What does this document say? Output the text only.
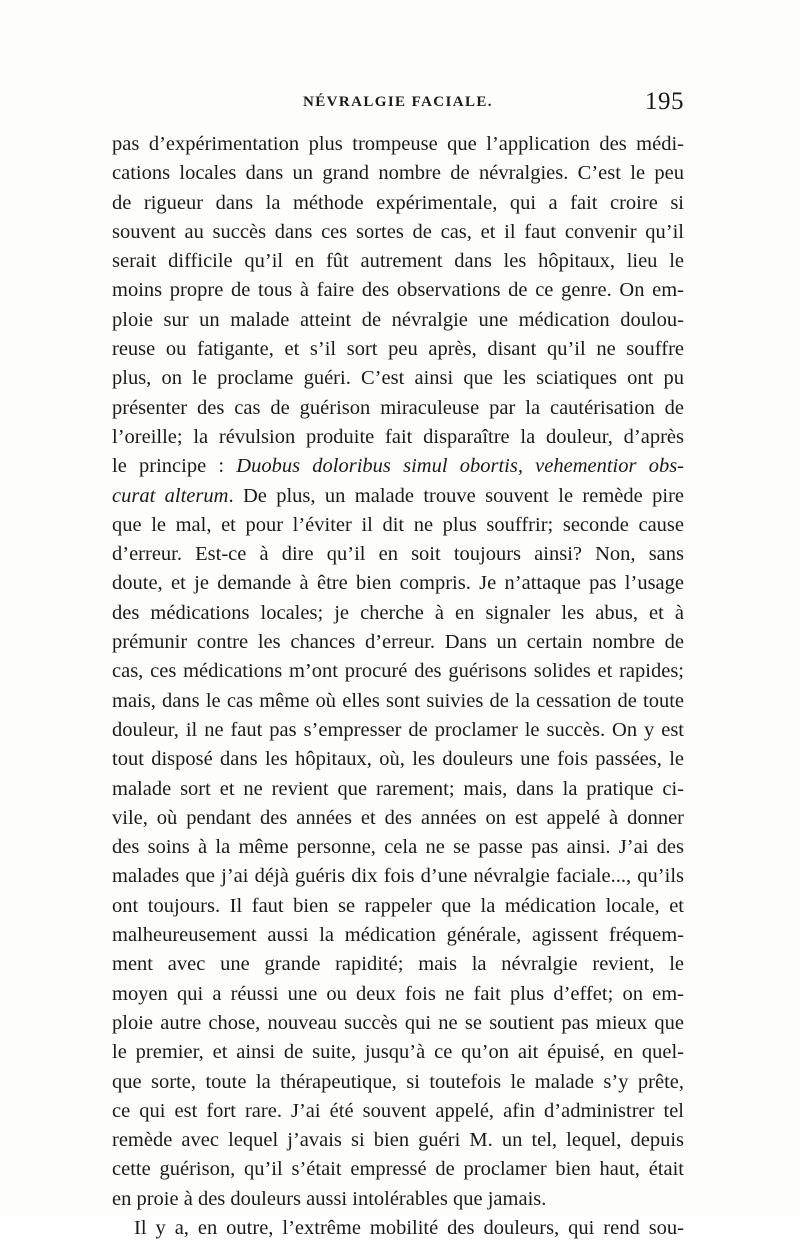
NÉVRALGIE FACIALE.	195
pas d’expérimentation plus trompeuse que l’application des médi-
cations locales dans un grand nombre de névralgies. C’est le peu
de rigueur dans la méthode expérimentale, qui a fait croire si
souvent au succès dans ces sortes de cas, et il faut convenir qu’il
serait difficile qu’il en fût autrement dans les hôpitaux, lieu le
moins propre de tous à faire des observations de ce genre. On em-
ploie sur un malade atteint de névralgie une médication doulou-
reuse ou fatigante, et s’il sort peu après, disant qu’il ne souffre
plus, on le proclame guéri. C’est ainsi que les sciatiques ont pu
présenter des cas de guérison miraculeuse par la cautérisation de
l’oreille; la révulsion produite fait disparaître la douleur, d’après
le principe : Duobus doloribus simul obortis, vehementior obs-
curat alterum. De plus, un malade trouve souvent le remède pire
que le mal, et pour l’éviter il dit ne plus souffrir; seconde cause
d’erreur. Est-ce à dire qu’il en soit toujours ainsi? Non, sans
doute, et je demande à être bien compris. Je n’attaque pas l’usage
des médications locales; je cherche à en signaler les abus, et à
prémunir contre les chances d’erreur. Dans un certain nombre de
cas, ces médications m’ont procuré des guérisons solides et rapides;
mais, dans le cas même où elles sont suivies de la cessation de toute
douleur, il ne faut pas s’empresser de proclamer le succès. On y est
tout disposé dans les hôpitaux, où, les douleurs une fois passées, le
malade sort et ne revient que rarement; mais, dans la pratique ci-
vile, où pendant des années et des années on est appelé à donner
des soins à la même personne, cela ne se passe pas ainsi. J’ai des
malades que j’ai déjà guéris dix fois d’une névralgie faciale..., qu’ils
ont toujours. Il faut bien se rappeler que la médication locale, et
malheureusement aussi la médication générale, agissent fréquem-
ment avec une grande rapidité; mais la névralgie revient, le
moyen qui a réussi une ou deux fois ne fait plus d’effet; on em-
ploie autre chose, nouveau succès qui ne se soutient pas mieux que
le premier, et ainsi de suite, jusqu’à ce qu’on ait épuisé, en quel-
que sorte, toute la thérapeutique, si toutefois le malade s’y prête,
ce qui est fort rare. J’ai été souvent appelé, afin d’administrer tel
remède avec lequel j’avais si bien guéri M. un tel, lequel, depuis
cette guérison, qu’il s’était empressé de proclamer bien haut, était
en proie à des douleurs aussi intolérables que jamais.
Il y a, en outre, l’extrême mobilité des douleurs, qui rend sou-
